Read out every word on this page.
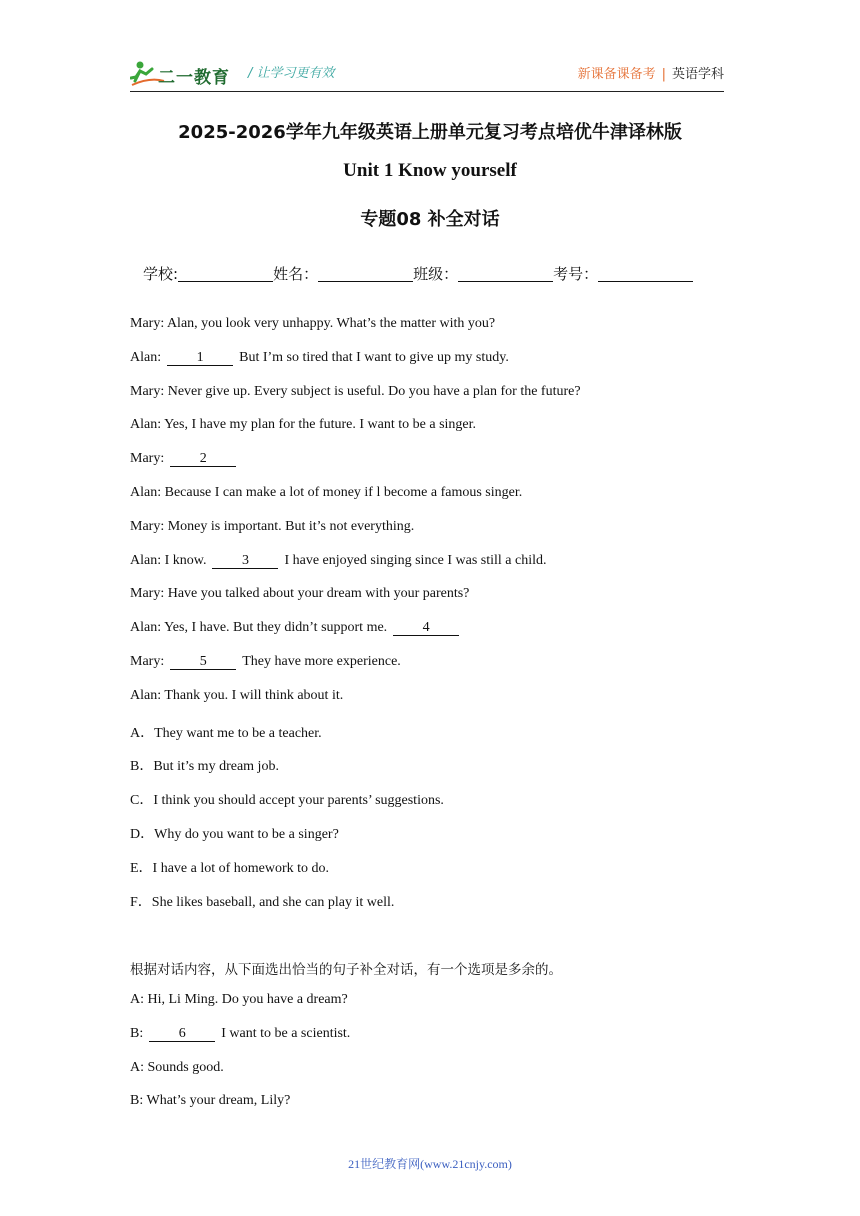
二一教育 / 让学习更有效	新课备课备考 | 英语学科
2025-2026学年九年级英语上册单元复习考点培优牛津译林版
Unit 1 Know yourself
专题08 补全对话
学校:	姓名：	班级：	考号：
Mary: Alan, you look very unhappy. What’s the matter with you?
Alan:	1	But I’m so tired that I want to give up my study.
Mary: Never give up. Every subject is useful. Do you have a plan for the future?
Alan: Yes, I have my plan for the future. I want to be a singer.
Mary:	2
Alan: Because I can make a lot of money if l become a famous singer.
Mary: Money is important. But it’s not everything.
Alan: I know.	3	I have enjoyed singing since I was still a child.
Mary: Have you talked about your dream with your parents?
Alan: Yes, I have. But they didn’t support me.	4
Mary:	5	They have more experience.
Alan: Thank you. I will think about it.
A．They want me to be a teacher.
B．But it’s my dream job.
C．I think you should accept your parents’ suggestions.
D．Why do you want to be a singer?
E．I have a lot of homework to do.
F．She likes baseball, and she can play it well.
根据对话内容，从下面选出恰当的句子补全对话，有一个选项是多余的。
A: Hi, Li Ming. Do you have a dream?
B:	6	I want to be a scientist.
A: Sounds good.
B: What’s your dream, Lily?
21世纪教育网(www.21cnjy.com)
